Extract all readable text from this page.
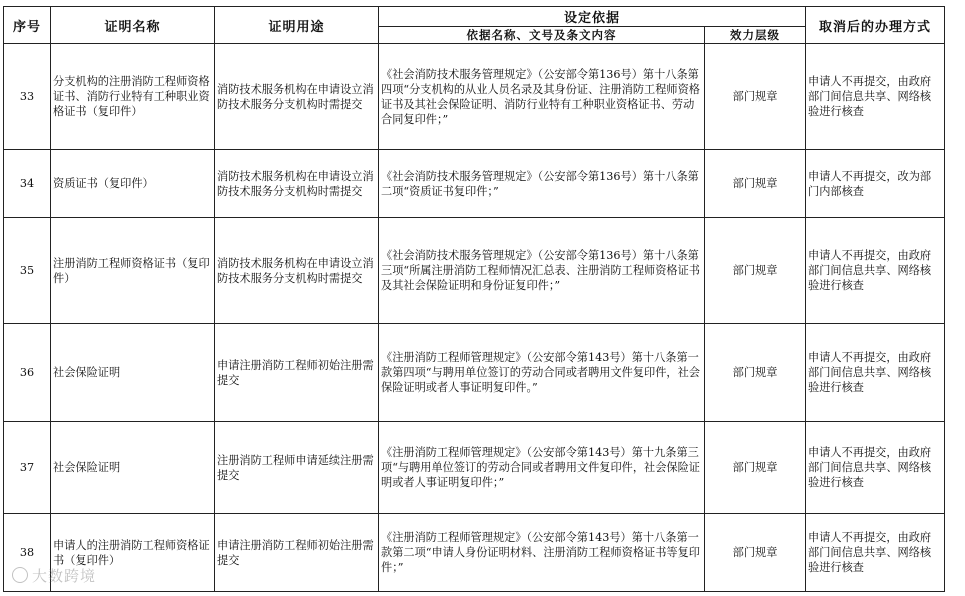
序号	证明名称	证明用途	设定依据		取消后的办理方式
			依据名称、文号及条文内容	效力层级	
33	分支机构的注册消防工程师资格证书、消防行业特有工种职业资格证书（复印件）	消防技术服务机构在申请设立消防技术服务分支机构时需提交	《社会消防技术服务管理规定》（公安部令第136号）第十八条第四项“分支机构的从业人员名录及其身份证、注册消防工程师资格证书及其社会保险证明、消防行业特有工种职业资格证书、劳动合同复印件；”	部门规章	申请人不再提交，由政府部门间信息共享、网络核验进行核查
34	资质证书（复印件）	消防技术服务机构在申请设立消防技术服务分支机构时需提交	《社会消防技术服务管理规定》（公安部令第136号）第十八条第二项“资质证书复印件；”	部门规章	申请人不再提交，改为部门内部核查
35	注册消防工程师资格证书（复印件）	消防技术服务机构在申请设立消防技术服务分支机构时需提交	《社会消防技术服务管理规定》（公安部令第136号）第十八条第三项“所属注册消防工程师情况汇总表、注册消防工程师资格证书及其社会保险证明和身份证复印件；”	部门规章	申请人不再提交，由政府部门间信息共享、网络核验进行核查
36	社会保险证明	申请注册消防工程师初始注册需提交	《注册消防工程师管理规定》（公安部令第143号）第十八条第一款第四项“与聘用单位签订的劳动合同或者聘用文件复印件，社会保险证明或者人事证明复印件。”	部门规章	申请人不再提交，由政府部门间信息共享、网络核验进行核查
37	社会保险证明	注册消防工程师申请延续注册需提交	《注册消防工程师管理规定》（公安部令第143号）第十九条第三项“与聘用单位签订的劳动合同或者聘用文件复印件，社会保险证明或者人事证明复印件；”	部门规章	申请人不再提交，由政府部门间信息共享、网络核验进行核查
38	申请人的注册消防工程师资格证书（复印件）	申请注册消防工程师初始注册需提交	《注册消防工程师管理规定》（公安部令第143号）第十八条第一款第二项“申请人身份证明材料、注册消防工程师资格证书等复印件；”	部门规章	申请人不再提交，由政府部门间信息共享、网络核验进行核查
大数跨境
